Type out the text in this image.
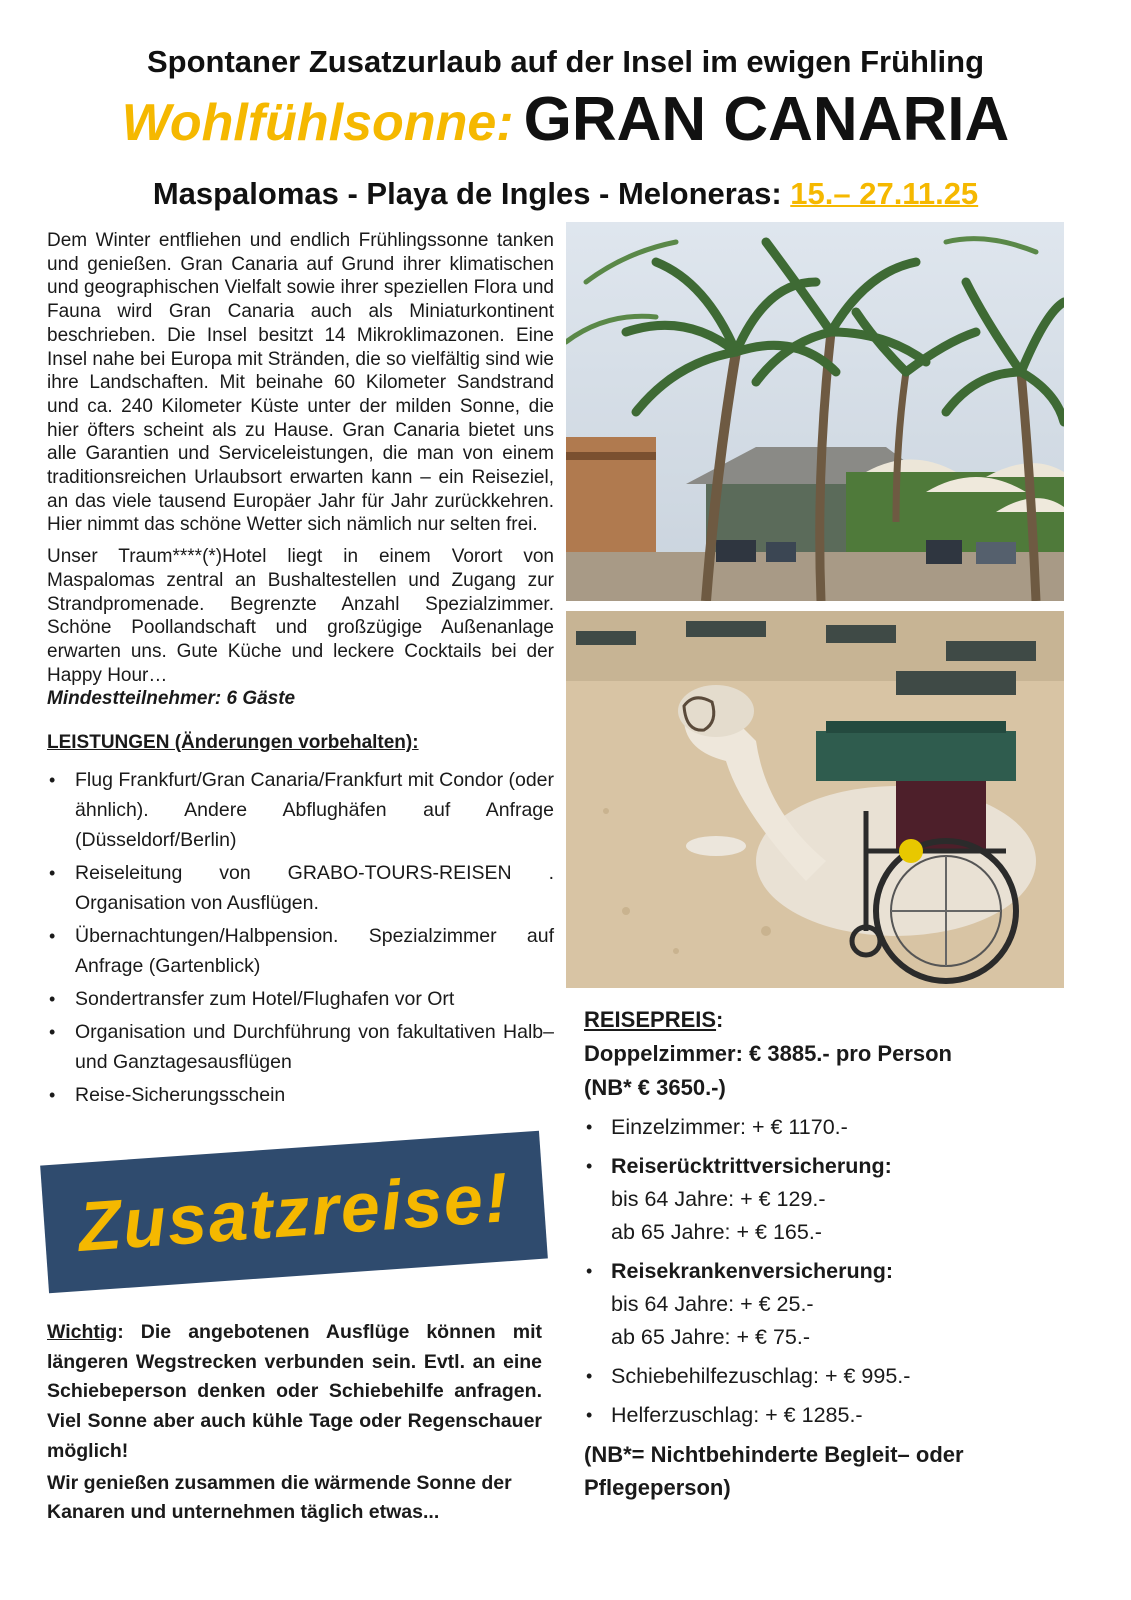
Spontaner Zusatzurlaub auf der Insel im ewigen Frühling
Wohlfühlsonne: GRAN CANARIA
Maspalomas - Playa de Ingles - Meloneras: 15.– 27.11.25

Dem Winter entfliehen und endlich Frühlingssonne tanken und genießen. Gran Canaria auf Grund ihrer klimatischen und geographischen Vielfalt sowie ihrer speziellen Flora und Fauna wird Gran Canaria auch als Miniaturkontinent beschrieben. Die Insel besitzt 14 Mikroklimazonen. Eine Insel nahe bei Europa mit Stränden, die so vielfältig sind wie ihre Landschaften. Mit beinahe 60 Kilometer Sandstrand und ca. 240 Kilometer Küste unter der milden Sonne, die hier öfters scheint als zu Hause. Gran Canaria bietet uns alle Garantien und Serviceleistungen, die man von einem traditionsreichen Urlaubsort erwarten kann – ein Reiseziel, an das viele tausend Europäer Jahr für Jahr zurückkehren. Hier nimmt das schöne Wetter sich nämlich nur selten frei.

Unser Traum****(*)Hotel liegt in einem Vorort von Maspalomas zentral an Bushaltestellen und Zugang zur Strandpromenade. Begrenzte Anzahl Spezialzimmer. Schöne Poollandschaft und großzügige Außenanlage erwarten uns. Gute Küche und leckere Cocktails bei der Happy Hour…
Mindestteilnehmer: 6 Gäste

LEISTUNGEN (Änderungen vorbehalten):
• Flug Frankfurt/Gran Canaria/Frankfurt mit Condor (oder ähnlich). Andere Abflughäfen auf Anfrage (Düsseldorf/Berlin)
• Reiseleitung von GRABO-TOURS-REISEN . Organisation von Ausflügen.
• Übernachtungen/Halbpension. Spezialzimmer auf Anfrage (Gartenblick)
• Sondertransfer zum Hotel/Flughafen vor Ort
• Organisation und Durchführung von fakultativen Halb– und Ganztagesausflügen
• Reise-Sicherungsschein
Zusatzreise!
Wichtig: Die angebotenen Ausflüge können mit längeren Wegstrecken verbunden sein. Evtl. an eine Schiebeperson denken oder Schiebehilfe anfragen. Viel Sonne aber auch kühle Tage oder Regenschauer möglich!
Wir genießen zusammen die wärmende Sonne der Kanaren und unternehmen täglich etwas...
REISEPREIS:
Doppelzimmer: € 3885.- pro Person
(NB* € 3650.-)
• Einzelzimmer: + € 1170.-
• Reiserücktrittversicherung:
bis 64 Jahre: + € 129.-
ab 65 Jahre: + € 165.-
• Reisekrankenversicherung:
bis 64 Jahre: + € 25.-
ab 65 Jahre: + € 75.-
• Schiebehilfezuschlag: + € 995.-
• Helferzuschlag: + € 1285.-
(NB*= Nichtbehinderte Begleit– oder Pflegeperson)
